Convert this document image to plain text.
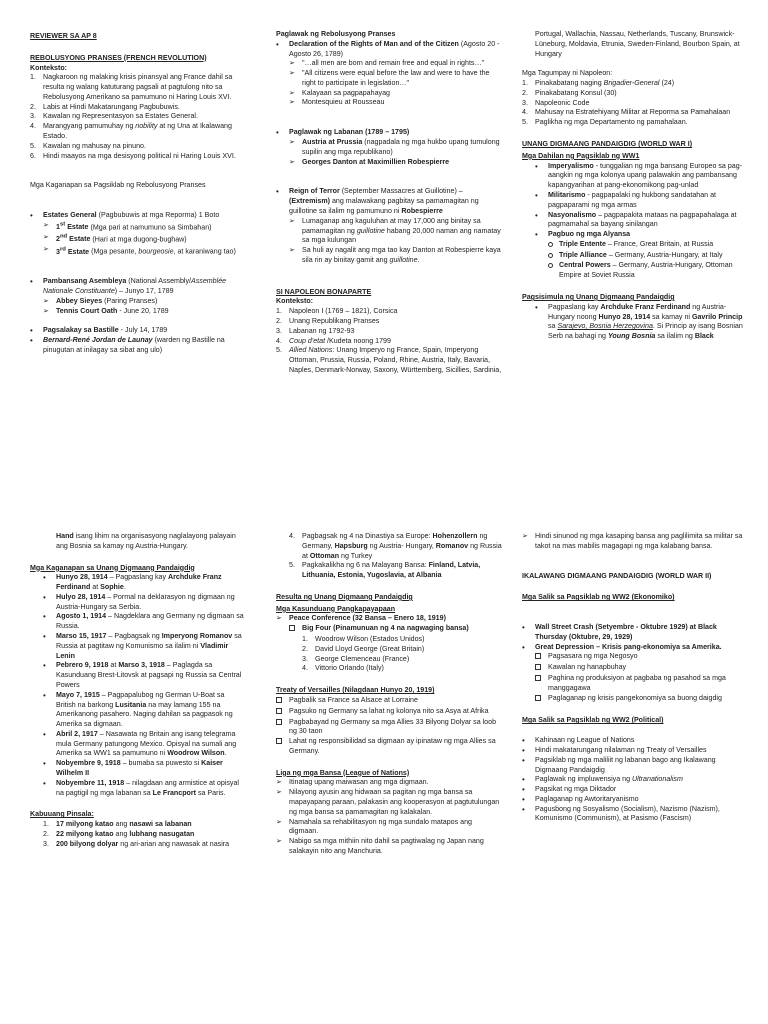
REVIEWER SA AP 8
REBOLUSYONG PRANSES (FRENCH REVOLUTION)
Konteksto:
1. Nagkaroon ng malaking krisis pinansyal ang France dahil sa resulta ng walang katuturang pagsali at pagtulong nito sa Rebolusyong Amerikano sa pamumuno ni Haring Louis XVI.
2. Labis at Hindi Makatarungang Pagbubuwis.
3. Kawalan ng Representasyon sa Estates General.
4. Marangyang pamumuhay ng nobility at ng Una at Ikalawang Estado.
5. Kawalan ng mahusay na pinuno.
6. Hindi maayos na mga desisyong political ni Haring Louis XVI.
Mga Kaganapan sa Pagsiklab ng Rebolusyong Pranses
•	Estates General (Pagbubuwis at mga Reporma) 1 Boto
➢	1st Estate (Mga pari at namumuno sa Simbahan)
➢	2nd Estate (Hari at mga dugong-bughaw)
➢	3rd Estate (Mga pesante, bourgeosie, at karaniwang tao)
•	Pambansang Asembleya (National Assembly/Assemblée Nationale Constituante) – Junyo 17, 1789
➢	Abbey Sieyes (Paring Pranses)
➢	Tennis Court Oath - June 20, 1789
•	Pagsalakay sa Bastille - July 14, 1789
•	Bernard-René Jordan de Launay (warden ng Bastille na pinugutan at inilagay sa sibat ang ulo)
Paglawak ng Rebolusyong Pranses
•	Declaration of the Rights of Man and of the Citizen (Agosto 20 - Agosto 26, 1789)
➢	"…all men are born and remain free and equal in rights…"
➢	"All citizens were equal before the law and were to have the right to participate in legislation…"
➢	Kalayaan sa pagpapahayag
➢	Montesquieu at Rousseau
•	Paglawak ng Labanan (1789 – 1795)
➢	Austria at Prussia (nagpadala ng mga hukbo upang tumulong supilin ang mga republikano)
➢	Georges Danton at Maximillien Robespierre
•	Reign of Terror (September Massacres at Guillotine) – (Extremism) ang malawakang pagbitay sa pamamagitan ng guillotine sa ilalim ng pamumuno ni Robespierre
➢	Lumaganap ang kaguluhan at may 17,000 ang binitay sa pamamagitan ng guillotine habang 20,000 naman ang namatay sa mga kulungan
➢	Sa huli ay nagalit ang mga tao kay Danton at Robespierre kaya sila rin ay binitay gamit ang guillotine.
SI NAPOLEON BONAPARTE
Konteksto:
1. Napoleon I (1769 – 1821), Corsica
2. Unang Republikang Pranses
3. Labanan ng 1792-93
4. Coup d'etat /Kudeta noong 1799
5. Allied Nations: Unang Imperyo ng France, Spain, Imperyong Ottoman, Prussia, Russia, Poland, Rhine, Austria, Italy, Bavaria, Naples, Denmark-Norway, Saxony, Württemberg, Sicillies, Sardinia,
Portugal, Wallachia, Nassau, Netherlands, Tuscany, Brunswick-Lüneburg, Moldavia, Etrunia, Sweden-Finland, Bourbon Spain, at Hungary
Mga Tagumpay ni Napoleon:
1. Pinakabatang naging Brigadier-General (24)
2. Pinakabatang Konsul (30)
3. Napoleonic Code
4. Mahusay na Estratehiyang Militar at Reporma sa Pamahalaan
5. Paglikha ng mga Departamento ng pamahalaan.
UNANG DIGMAANG PANDAIGDIG (WORLD WAR I)
Mga Dahilan ng Pagsiklab ng WW1
•	Imperyalismo - tunggalian ng mga bansang Europeo sa pag-aangkin ng mga kolonya upang palawakin ang pambansang kapangyarihan at pang-ekonomikong pag-unlad
•	Militarismo - pagpapalaki ng hukbong sandatahan at pagpaparami ng mga armas
•	Nasyonalismo – pagpapakita mataas na pagpapahalaga at pagmamahal sa bayang sinilangan
•	Pagbuo ng mga Alyansa
Triple Entente – France, Great Britain, at Russia
Triple Alliance – Germany, Austria-Hungary, at Italy
Central Powers – Germany, Austria-Hungary, Ottoman Empire at Soviet Russia
Pagsisimula ng Unang Digmaang Pandaigdig
•	Pagpaslang kay Archduke Franz Ferdinand ng Austria-Hungary noong Hunyo 28, 1914 sa kamay ni Gavrilo Princip sa Sarajevo, Bosnia Herzegovina. Si Princip ay isang Bosnian Serb na bahagi ng Young Bosnia sa ilalim ng Black
Hand isang lihim na organisasyong naglalayong palayain ang Bosnia sa kamay ng Austria-Hungary.
Mga Kaganapan sa Unang Digmaang Pandaigdig
•	Hunyo 28, 1914 – Pagpaslang kay Archduke Franz Ferdinand at Sophie.
•	Hulyo 28, 1914 – Pormal na deklarasyon ng digmaan ng Austria-Hungary sa Serbia.
•	Agosto 1, 1914 – Nagdeklara ang Germany ng digmaan sa Russia.
•	Marso 15, 1917 – Pagbagsak ng Imperyong Romanov sa Russia at pagtitaw ng Komunismo sa ilalim ni Vladimir Lenin
•	Pebrero 9, 1918 at Marso 3, 1918 – Paglagda sa Kasunduang Brest-Litovsk at pagsapi ng Russia sa Central Powers
•	Mayo 7, 1915 – Pagpapalubog ng German U-Boat sa British na barkong Lusitania na may lamang 155 na Amerikanong pasahero. Naging dahilan sa pagpasok ng Amerika sa digmaan.
•	Abril 2, 1917 – Nasawata ng Britain ang isang telegrama mula Germany patungong Mexico. Opisyal na sumali ang Amerika sa WW1 sa pamumuno ni Woodrow Wilson.
•	Nobyembre 9, 1918 – bumaba sa puwesto si Kaiser Wilhelm II
•	Nobyembre 11, 1918 – nilagdaan ang armistice at opisyal na pagtigil ng mga labanan sa Le Francport sa Paris.
Kabuuang Pinsala:
1. 17 milyong katao ang nasawi sa labanan
2. 22 milyong katao ang lubhang nasugatan
3. 200 bilyong dolyar ng ari-arian ang nawasak at nasira
4. Pagbagsak ng 4 na Dinastiya sa Europe: Hohenzollern ng Germany, Hapsburg ng Austria- Hungary, Romanov ng Russia at Ottoman ng Turkey
5. Pagkakalikha ng 6 na Malayang Bansa: Finland, Latvia, Lithuania, Estonia, Yugoslavia, at Albania
Resulta ng Unang Digmaang Pandaigdig
Mga Kasunduang Pangkapayapaan
➢	Peace Conference (32 Bansa – Enero 18, 1919)
Big Four (Pinamunuan ng 4 na nagwaging bansa)
1. Woodrow Wilson (Estados Unidos)
2. David Lloyd George (Great Britain)
3. George Clemenceau (France)
4. Vittorio Orlando (Italy)
Treaty of Versailles (Nilagdaan Hunyo 20, 1919)
Pagbalik sa France sa Alsace at Lorraine
Pagsuko ng Germany sa lahat ng kolonya nito sa Asya at Afrika
Pagbabayad ng Germany sa mga Allies 33 Bilyong Dolyar sa loob ng 30 taon
Lahat ng responsibilidad sa digmaan ay ipinataw ng mga Allies sa Germany.
Liga ng mga Bansa (League of Nations)
➢	Itinatag upang maiwasan ang mga digmaan.
➢	Nilayong ayusin ang hidwaan sa pagitan ng mga bansa sa mapayapang paraan, palakasin ang kooperasyon at pagtutulungan ng mga bansa sa pamamagitan ng kalakalan.
➢	Namahala sa rehabilitasyon ng mga sundalo matapos ang digmaan.
➢	Nabigo sa mga mithiin nito dahil sa pagtiwalag ng Japan nang salakayin nito ang Manchuria.
➢	Hindi sinunod ng mga kasaping bansa ang paglilimita sa militar sa takot na mas mabilis magagapi ng mga kalabang bansa.
IKALAWANG DIGMAANG PANDAIGDIG (WORLD WAR II)
Mga Salik sa Pagsiklab ng WW2 (Ekonomiko)
•	Wall Street Crash (Setyembre - Oktubre 1929) at Black Thursday (Oktubre, 29, 1929)
•	Great Depression – Krisis pang-ekonomiya sa Amerika.
Pagsasara ng mga Negosyo
Kawalan ng hanapbuhay
Paghina ng produksiyon at pagbaba ng pasahod sa mga manggagawa
Paglaganap ng krisis pangekonomiya sa buong daigdig
Mga Salik sa Pagsiklab ng WW2 (Political)
•	Kahinaan ng League of Nations
•	Hindi makatarungang nilalaman ng Treaty of Versailles
•	Pagsiklab ng mga maliliit ng labanan bago ang Ikalawang Digmaang Pandaigdig
•	Paglawak ng impluwensiya ng Ultranationalism
•	Pagsikat ng mga Diktador
•	Paglaganap ng Awtoritaryanismo
•	Pagusbong ng Sosyalismo (Socialism), Nazismo (Nazism), Komunismo (Communism), at Pasismo (Fascism)
